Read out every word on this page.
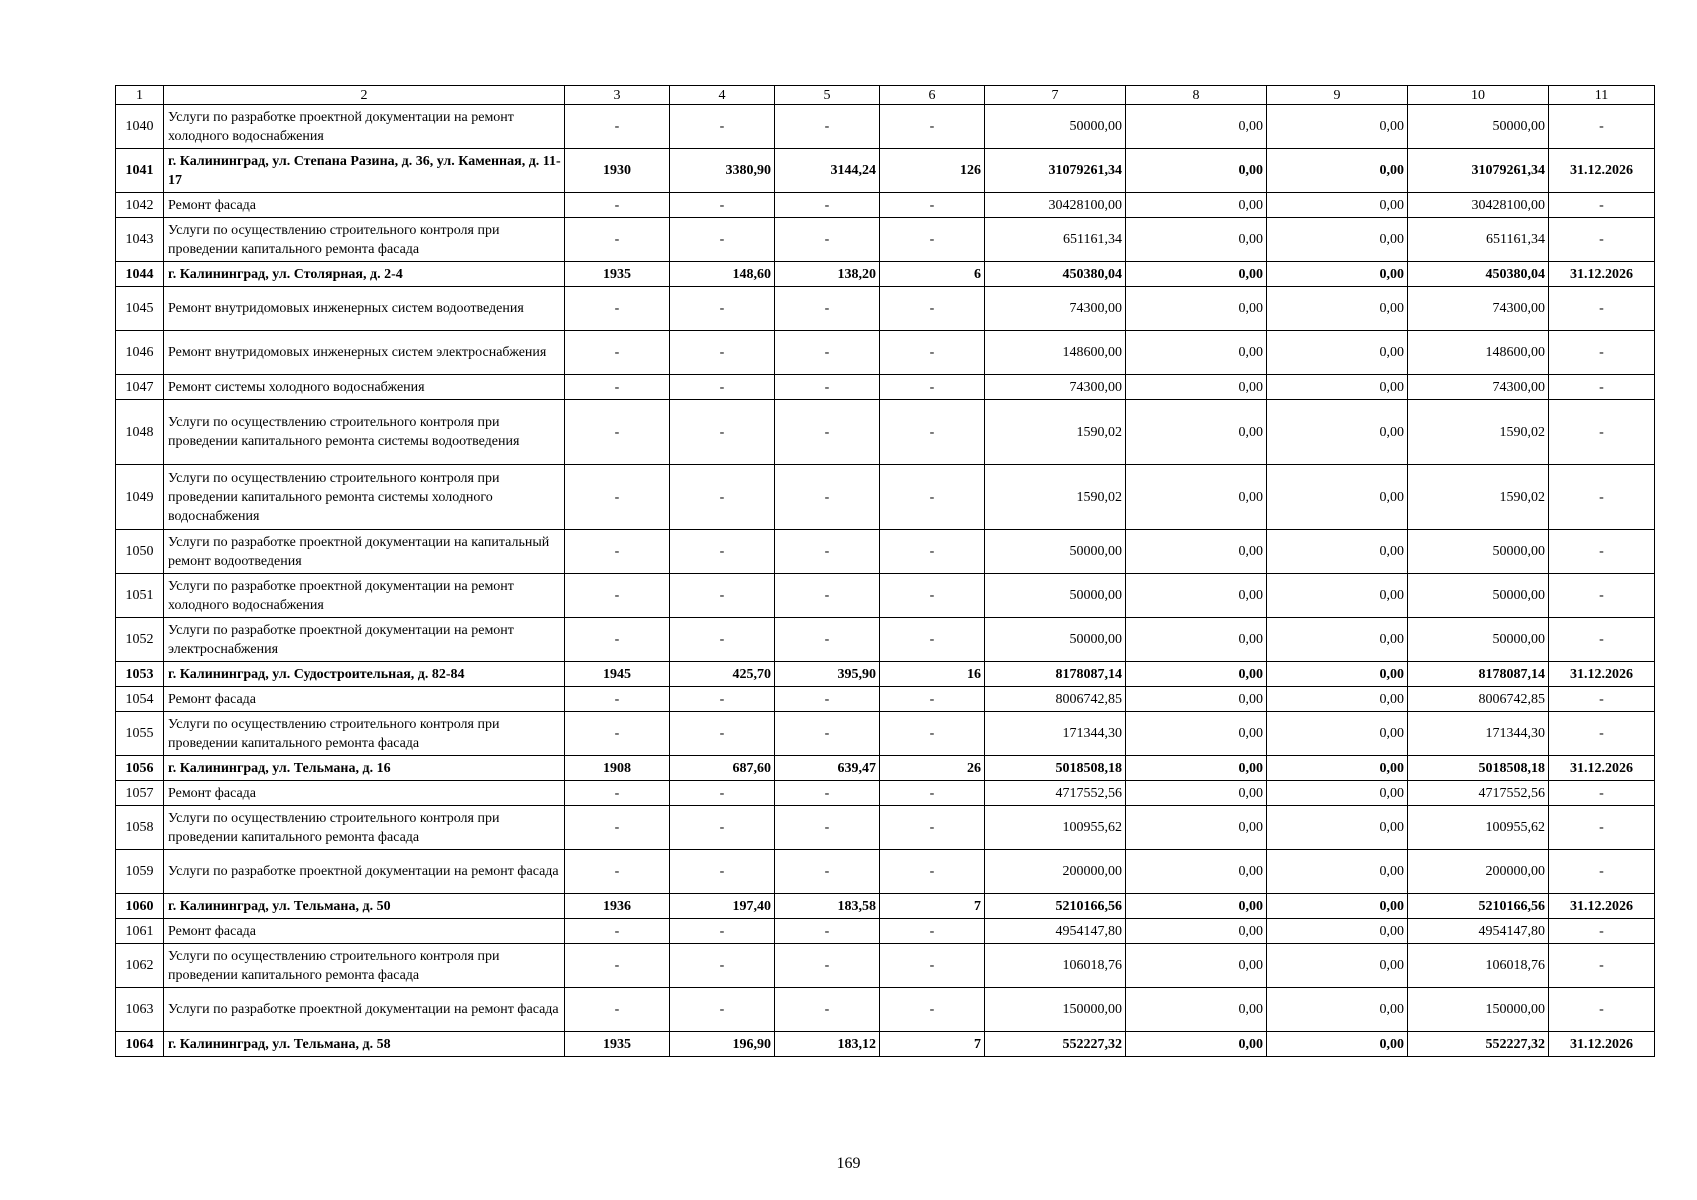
1	2	3	4	5	6	7	8	9	10	11
1040	Услуги по разработке проектной документации на ремонт холодного водоснабжения	-	-	-	-	50000,00	0,00	0,00	50000,00	-
1041	г. Калининград, ул. Степана Разина, д. 36, ул. Каменная, д. 11-17	1930	3380,90	3144,24	126	31079261,34	0,00	0,00	31079261,34	31.12.2026
1042	Ремонт фасада	-	-	-	-	30428100,00	0,00	0,00	30428100,00	-
1043	Услуги по осуществлению строительного контроля при проведении капитального ремонта фасада	-	-	-	-	651161,34	0,00	0,00	651161,34	-
1044	г. Калининград, ул. Столярная, д. 2-4	1935	148,60	138,20	6	450380,04	0,00	0,00	450380,04	31.12.2026
1045	Ремонт внутридомовых инженерных систем водоотведения	-	-	-	-	74300,00	0,00	0,00	74300,00	-
1046	Ремонт внутридомовых инженерных систем электроснабжения	-	-	-	-	148600,00	0,00	0,00	148600,00	-
1047	Ремонт системы холодного водоснабжения	-	-	-	-	74300,00	0,00	0,00	74300,00	-
1048	Услуги по осуществлению строительного контроля при проведении капитального ремонта системы водоотведения	-	-	-	-	1590,02	0,00	0,00	1590,02	-
1049	Услуги по осуществлению строительного контроля при проведении капитального ремонта системы холодного водоснабжения	-	-	-	-	1590,02	0,00	0,00	1590,02	-
1050	Услуги по разработке проектной документации на капитальный ремонт водоотведения	-	-	-	-	50000,00	0,00	0,00	50000,00	-
1051	Услуги по разработке проектной документации на ремонт холодного водоснабжения	-	-	-	-	50000,00	0,00	0,00	50000,00	-
1052	Услуги по разработке проектной документации на ремонт электроснабжения	-	-	-	-	50000,00	0,00	0,00	50000,00	-
1053	г. Калининград, ул. Судостроительная, д. 82-84	1945	425,70	395,90	16	8178087,14	0,00	0,00	8178087,14	31.12.2026
1054	Ремонт фасада	-	-	-	-	8006742,85	0,00	0,00	8006742,85	-
1055	Услуги по осуществлению строительного контроля при проведении капитального ремонта фасада	-	-	-	-	171344,30	0,00	0,00	171344,30	-
1056	г. Калининград, ул. Тельмана, д. 16	1908	687,60	639,47	26	5018508,18	0,00	0,00	5018508,18	31.12.2026
1057	Ремонт фасада	-	-	-	-	4717552,56	0,00	0,00	4717552,56	-
1058	Услуги по осуществлению строительного контроля при проведении капитального ремонта фасада	-	-	-	-	100955,62	0,00	0,00	100955,62	-
1059	Услуги по разработке проектной документации на ремонт фасада	-	-	-	-	200000,00	0,00	0,00	200000,00	-
1060	г. Калининград, ул. Тельмана, д. 50	1936	197,40	183,58	7	5210166,56	0,00	0,00	5210166,56	31.12.2026
1061	Ремонт фасада	-	-	-	-	4954147,80	0,00	0,00	4954147,80	-
1062	Услуги по осуществлению строительного контроля при проведении капитального ремонта фасада	-	-	-	-	106018,76	0,00	0,00	106018,76	-
1063	Услуги по разработке проектной документации на ремонт фасада	-	-	-	-	150000,00	0,00	0,00	150000,00	-
1064	г. Калининград, ул. Тельмана, д. 58	1935	196,90	183,12	7	552227,32	0,00	0,00	552227,32	31.12.2026
169
